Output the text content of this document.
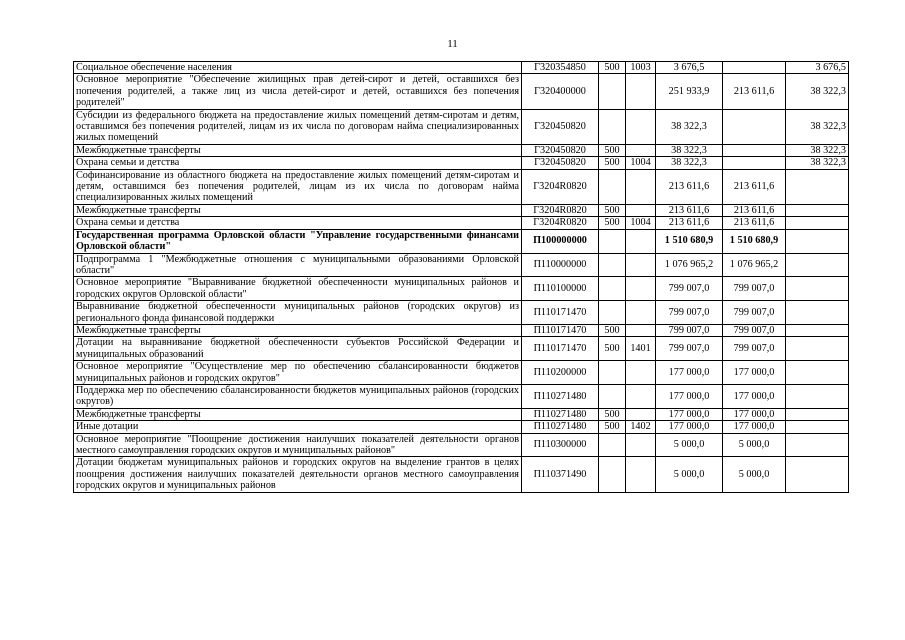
11
Социальное обеспечение населения	Г320354850	500	1003	3 676,5		3 676,5
Основное мероприятие "Обеспечение жилищных прав детей-сирот и детей, оставшихся без попечения родителей, а также лиц из числа детей-сирот и детей, оставшихся без попечения родителей"	Г320400000			251 933,9	213 611,6	38 322,3
Субсидии из федерального бюджета на предоставление жилых помещений детям-сиротам и детям, оставшимся без попечения родителей, лицам из их числа по договорам найма специализированных жилых помещений	Г320450820			38 322,3		38 322,3
Межбюджетные трансферты	Г320450820	500		38 322,3		38 322,3
Охрана семьи и детства	Г320450820	500	1004	38 322,3		38 322,3
Софинансирование из областного бюджета на предоставление жилых помещений детям-сиротам и детям, оставшимся без попечения родителей, лицам из их числа по договорам найма специализированных жилых помещений	Г3204R0820			213 611,6	213 611,6	
Межбюджетные трансферты	Г3204R0820	500		213 611,6	213 611,6	
Охрана семьи и детства	Г3204R0820	500	1004	213 611,6	213 611,6	
Государственная программа Орловской области "Управление государственными финансами Орловской области"	П100000000			1 510 680,9	1 510 680,9	
Подпрограмма 1 "Межбюджетные отношения с муниципальными образованиями Орловской области"	П110000000			1 076 965,2	1 076 965,2	
Основное мероприятие "Выравнивание бюджетной обеспеченности муниципальных районов и городских округов Орловской области"	П110100000			799 007,0	799 007,0	
Выравнивание бюджетной обеспеченности муниципальных районов (городских округов) из регионального фонда финансовой поддержки	П110171470			799 007,0	799 007,0	
Межбюджетные трансферты	П110171470	500		799 007,0	799 007,0	
Дотации на выравнивание бюджетной обеспеченности субъектов Российской Федерации и муниципальных образований	П110171470	500	1401	799 007,0	799 007,0	
Основное мероприятие "Осуществление мер по обеспечению сбалансированности бюджетов муниципальных районов и городских округов"	П110200000			177 000,0	177 000,0	
Поддержка мер по обеспечению сбалансированности бюджетов муниципальных районов (городских округов)	П110271480			177 000,0	177 000,0	
Межбюджетные трансферты	П110271480	500		177 000,0	177 000,0	
Иные дотации	П110271480	500	1402	177 000,0	177 000,0	
Основное мероприятие "Поощрение достижения наилучших показателей деятельности органов местного самоуправления городских округов и муниципальных районов"	П110300000			5 000,0	5 000,0	
Дотации бюджетам муниципальных районов и городских округов на выделение грантов в целях поощрения достижения наилучших показателей деятельности органов местного самоуправления городских округов и муниципальных районов	П110371490			5 000,0	5 000,0	
